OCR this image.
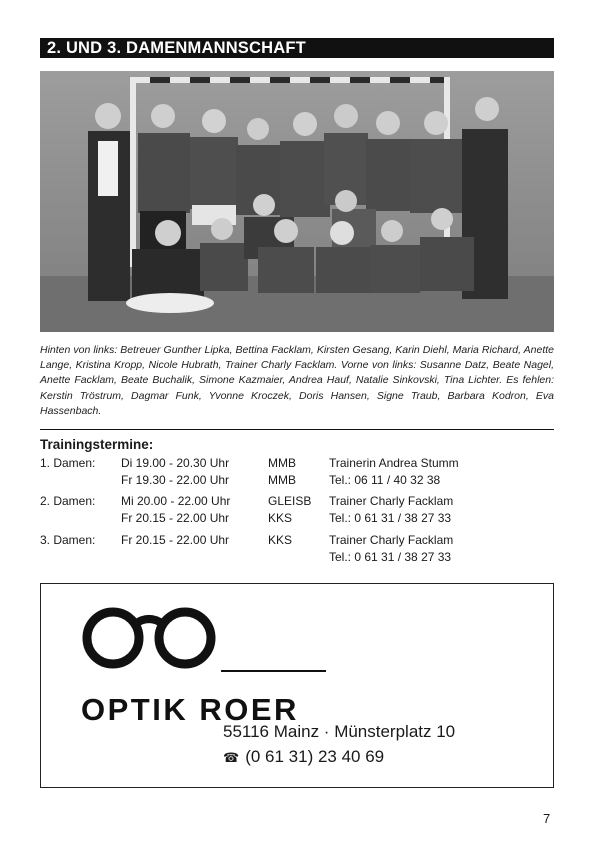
2. UND 3. DAMENMANNSCHAFT

Hinten von links: Betreuer Gunther Lipka, Bettina Facklam, Kirsten Gesang, Karin Diehl, Maria Richard, Anette Lange, Kristina Kropp, Nicole Hubrath, Trainer Charly Facklam. Vorne von links: Susanne Datz, Beate Nagel, Anette Facklam, Beate Buchalik, Simone Kazmaier, Andrea Hauf, Natalie Sinkovski, Tina Lichter. Es fehlen: Kerstin Tröstrum, Dagmar Funk, Yvonne Kroczek, Doris Hansen, Signe Traub, Barbara Kodron, Eva Hassenbach.

Trainingstermine:
1. Damen: Di 19.00 - 20.30 Uhr
Fr 19.30 - 22.00 Uhr
MMB
MMB
Trainerin Andrea Stumm
Tel.: 06 11 / 40 32 38
2. Damen: Mi 20.00 - 22.00 Uhr
Fr 20.15 - 22.00 Uhr
GLEISB
KKS
Trainer Charly Facklam
Tel.: 0 61 31 / 38 27 33
3. Damen: Fr 20.15 - 22.00 Uhr	KKS	Trainer Charly Facklam
Tel.: 0 61 31 / 38 27 33
OPTIK ROER
55116 Mainz · Münsterplatz 10
☎ (0 61 31) 23 40 69
7
